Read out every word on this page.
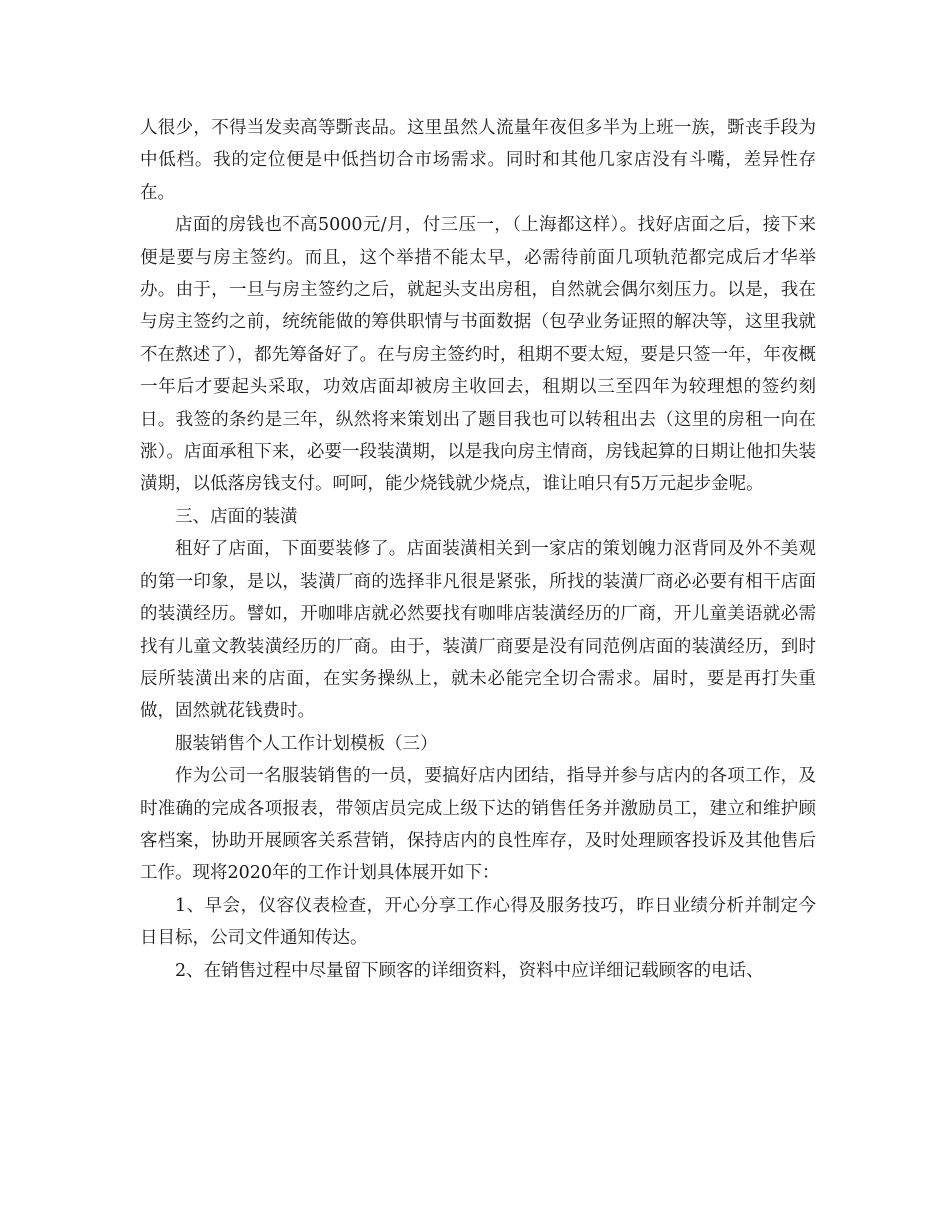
人很少，不得当发卖高等斲丧品。这里虽然人流量年夜但多半为上班一族，斲丧手段为中低档。我的定位便是中低挡切合市场需求。同时和其他几家店没有斗嘴，差异性存在。

店面的房钱也不高5000元/月，付三压一，（上海都这样）。找好店面之后，接下来便是要与房主签约。而且，这个举措不能太早，必需待前面几项轨范都完成后才华举办。由于，一旦与房主签约之后，就起头支出房租，自然就会偶尔刻压力。以是，我在与房主签约之前，统统能做的筹供职情与书面数据（包孕业务证照的解决等，这里我就不在熬述了），都先筹备好了。在与房主签约时，租期不要太短，要是只签一年，年夜概一年后才要起头采取，功效店面却被房主收回去，租期以三至四年为较理想的签约刻日。我签的条约是三年，纵然将来策划出了题目我也可以转租出去（这里的房租一向在涨）。店面承租下来，必要一段装潢期，以是我向房主情商，房钱起算的日期让他扣失装潢期，以低落房钱支付。呵呵，能少烧钱就少烧点，谁让咱只有5万元起步金呢。

三、店面的装潢

租好了店面，下面要装修了。店面装潢相关到一家店的策划魄力沤背同及外不美观的第一印象，是以，装潢厂商的选择非凡很是紧张，所找的装潢厂商必必要有相干店面的装潢经历。譬如，开咖啡店就必然要找有咖啡店装潢经历的厂商，开儿童美语就必需找有儿童文教装潢经历的厂商。由于，装潢厂商要是没有同范例店面的装潢经历，到时辰所装潢出来的店面，在实务操纵上，就未必能完全切合需求。届时，要是再打失重做，固然就花钱费时。

服装销售个人工作计划模板（三）

作为公司一名服装销售的一员，要搞好店内团结，指导并参与店内的各项工作，及时准确的完成各项报表，带领店员完成上级下达的销售任务并激励员工，建立和维护顾客档案，协助开展顾客关系营销，保持店内的良性库存，及时处理顾客投诉及其他售后工作。现将2020年的工作计划具体展开如下：

1、早会，仪容仪表检查，开心分享工作心得及服务技巧，昨日业绩分析并制定今日目标，公司文件通知传达。

2、在销售过程中尽量留下顾客的详细资料，资料中应详细记载顾客的电话、
